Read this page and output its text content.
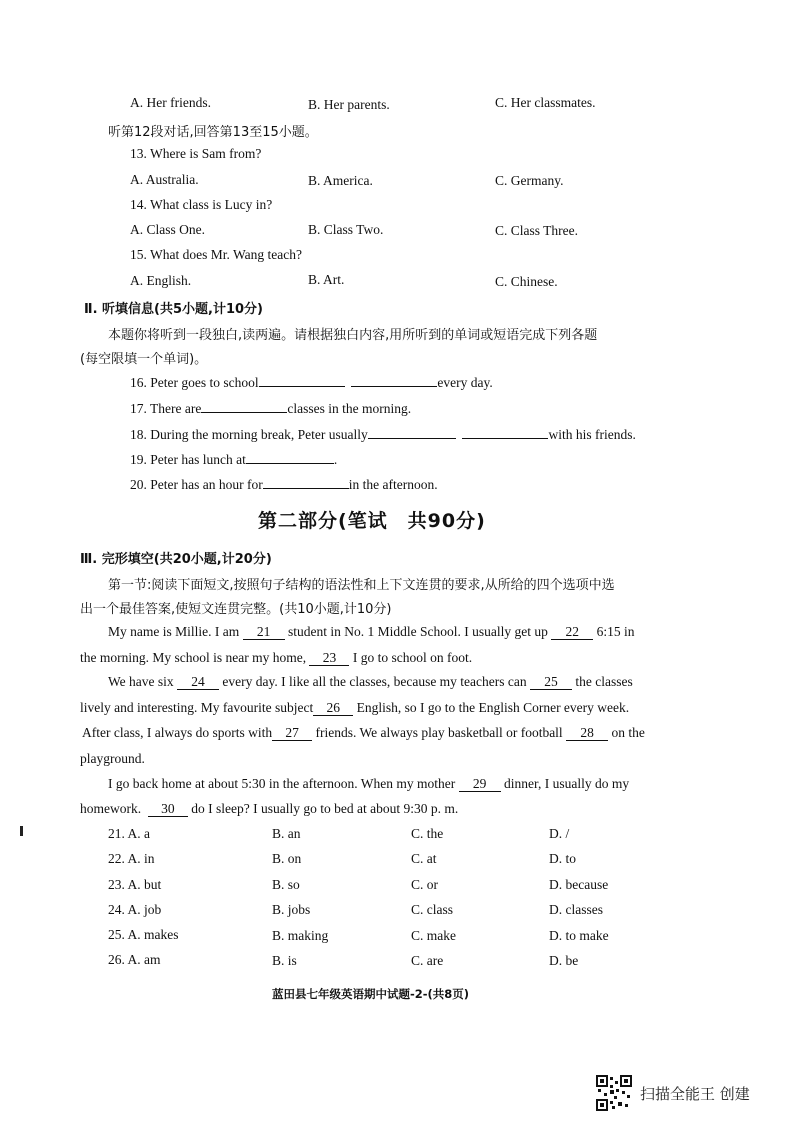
A. Her friends.	B. Her parents.	C. Her classmates.
听第12段对话,回答第13至15小题。
13. Where is Sam from?
A. Australia.	B. America.	C. Germany.
14. What class is Lucy in?
A. Class One.	B. Class Two.	C. Class Three.
15. What does Mr. Wang teach?
A. English.	B. Art.	C. Chinese.
Ⅱ. 听填信息(共5小题,计10分)
本题你将听到一段独白,读两遍。请根据独白内容,用所听到的单词或短语完成下列各题
(每空限填一个单词)。
16. Peter goes to school	every day.
17. There are	classes in the morning.
18. During the morning break, Peter usually	with his friends.
19. Peter has lunch at	.
20. Peter has an hour for	in the afternoon.
第二部分(笔试　共90分)
Ⅲ. 完形填空(共20小题,计20分)
第一节:阅读下面短文,按照句子结构的语法性和上下文连贯的要求,从所给的四个选项中选
出一个最佳答案,使短文连贯完整。(共10小题,计10分)
My name is Millie. I am 21 student in No. 1 Middle School. I usually get up 22 6:15 in
the morning. My school is near my home, 23 I go to school on foot.
We have six 24 every day. I like all the classes, because my teachers can 25 the classes
lively and interesting. My favourite subject 26 English, so I go to the English Corner every week.
After class, I always do sports with 27 friends. We always play basketball or football 28 on the
playground.
I go back home at about 5:30 in the afternoon. When my mother 29 dinner, I usually do my
homework. 30 do I sleep? I usually go to bed at about 9:30 p. m.
21. A. a	B. an	C. the	D. /
22. A. in	B. on	C. at	D. to
23. A. but	B. so	C. or	D. because
24. A. job	B. jobs	C. class	D. classes
25. A. makes	B. making	C. make	D. to make
26. A. am	B. is	C. are	D. be
蓝田县七年级英语期中试题-2-(共8页)
扫描全能王 创建
